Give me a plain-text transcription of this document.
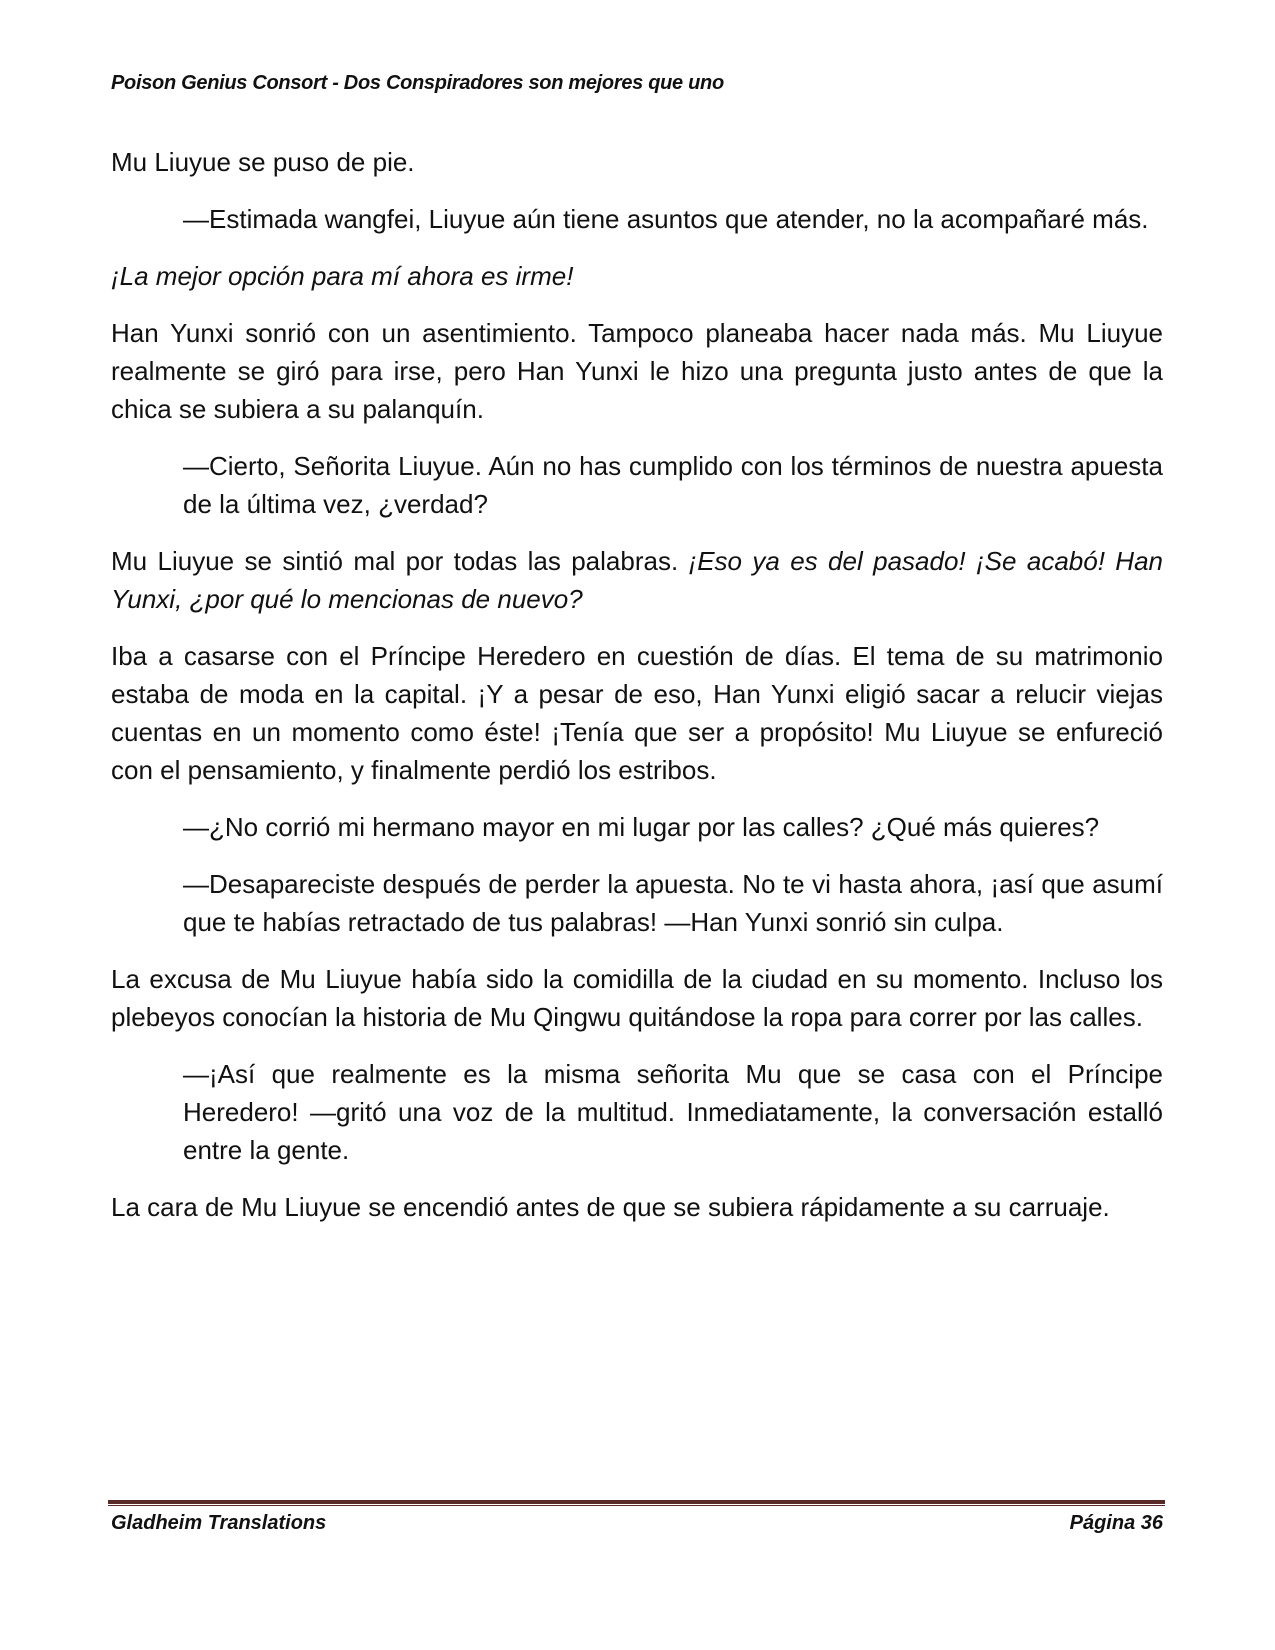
Poison Genius Consort - Dos Conspiradores son mejores que uno

Mu Liuyue se puso de pie.

—Estimada wangfei, Liuyue aún tiene asuntos que atender, no la acompañaré más.

¡La mejor opción para mí ahora es irme!

Han Yunxi sonrió con un asentimiento. Tampoco planeaba hacer nada más. Mu Liuyue realmente se giró para irse, pero Han Yunxi le hizo una pregunta justo antes de que la chica se subiera a su palanquín.

—Cierto, Señorita Liuyue. Aún no has cumplido con los términos de nuestra apuesta de la última vez, ¿verdad?

Mu Liuyue se sintió mal por todas las palabras. ¡Eso ya es del pasado! ¡Se acabó! Han Yunxi, ¿por qué lo mencionas de nuevo?

Iba a casarse con el Príncipe Heredero en cuestión de días. El tema de su matrimonio estaba de moda en la capital. ¡Y a pesar de eso, Han Yunxi eligió sacar a relucir viejas cuentas en un momento como éste! ¡Tenía que ser a propósito! Mu Liuyue se enfureció con el pensamiento, y finalmente perdió los estribos.

—¿No corrió mi hermano mayor en mi lugar por las calles? ¿Qué más quieres?

—Desapareciste después de perder la apuesta. No te vi hasta ahora, ¡así que asumí que te habías retractado de tus palabras! —Han Yunxi sonrió sin culpa.

La excusa de Mu Liuyue había sido la comidilla de la ciudad en su momento. Incluso los plebeyos conocían la historia de Mu Qingwu quitándose la ropa para correr por las calles.

—¡Así que realmente es la misma señorita Mu que se casa con el Príncipe Heredero! —gritó una voz de la multitud. Inmediatamente, la conversación estalló entre la gente.

La cara de Mu Liuyue se encendió antes de que se subiera rápidamente a su carruaje.

Gladheim Translations	Página 36
